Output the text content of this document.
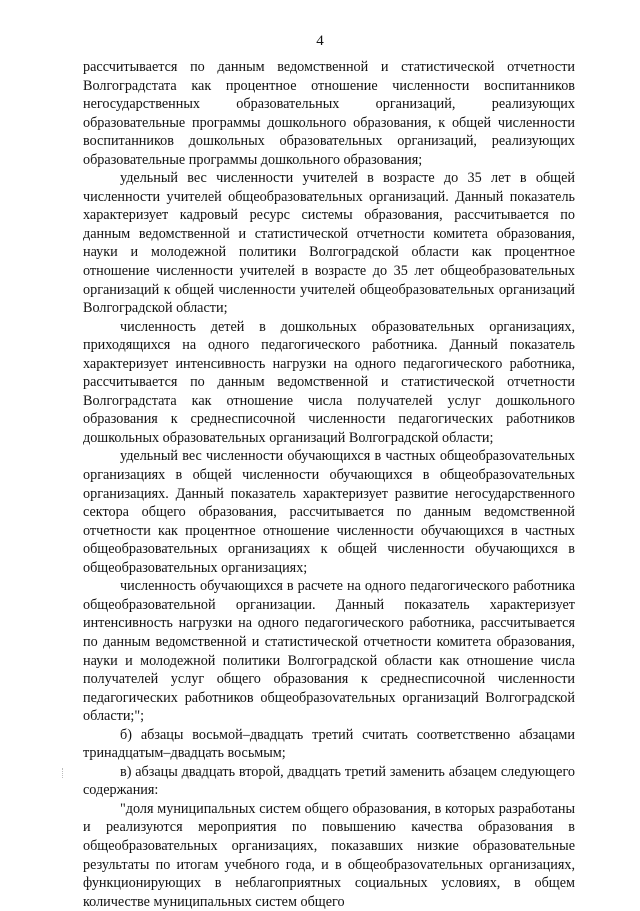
4

рассчитывается по данным ведомственной и статистической отчетности Волгоградстата как процентное отношение численности воспитанников негосударственных образовательных организаций, реализующих образовательные программы дошкольного образования, к общей численности воспитанников дошкольных образовательных организаций, реализующих образовательные программы дошкольного образования;

удельный вес численности учителей в возрасте до 35 лет в общей численности учителей общеобразовательных организаций. Данный показатель характеризует кадровый ресурс системы образования, рассчитывается по данным ведомственной и статистической отчетности комитета образования, науки и молодежной политики Волгоградской области как процентное отношение численности учителей в возрасте до 35 лет общеобразовательных организаций к общей численности учителей общеобразовательных организаций Волгоградской области;

численность детей в дошкольных образовательных организациях, приходящихся на одного педагогического работника. Данный показатель характеризует интенсивность нагрузки на одного педагогического работника, рассчитывается по данным ведомственной и статистической отчетности Волгоградстата как отношение числа получателей услуг дошкольного образования к среднесписочной численности педагогических работников дошкольных образовательных организаций Волгоградской области;

удельный вес численности обучающихся в частных общеобразоvательных организациях в общей численности обучающихся в общеобразоvательных организациях. Данный показатель характеризует развитие негосударственного сектора общего образования, рассчитывается по данным ведомственной отчетности как процентное отношение численности обучающихся в частных общеобразовательных организациях к общей численности обучающихся в общеобразовательных организациях;

численность обучающихся в расчете на одного педагогического работника общеобразовательной организации. Данный показатель характеризует интенсивность нагрузки на одного педагогического работника, рассчитывается по данным ведомственной и статистической отчетности комитета образования, науки и молодежной политики Волгоградской области как отношение числа получателей услуг общего образования к среднесписочной численности педагогических работников общеобразоvательных организаций Волгоградской области;";

б) абзацы восьмой–двадцать третий считать соответственно абзацами тринадцатым–двадцать восьмым;

в) абзацы двадцать второй, двадцать третий заменить абзацем следующего содержания:

"доля муниципальных систем общего образования, в которых разработаны и реализуются мероприятия по повышению качества образования в общеобразовательных организациях, показавших низкие образовательные результаты по итогам учебного года, и в общеобразоvательных организациях, функционирующих в неблагоприятных социальных условиях, в общем количестве муниципальных систем общего
